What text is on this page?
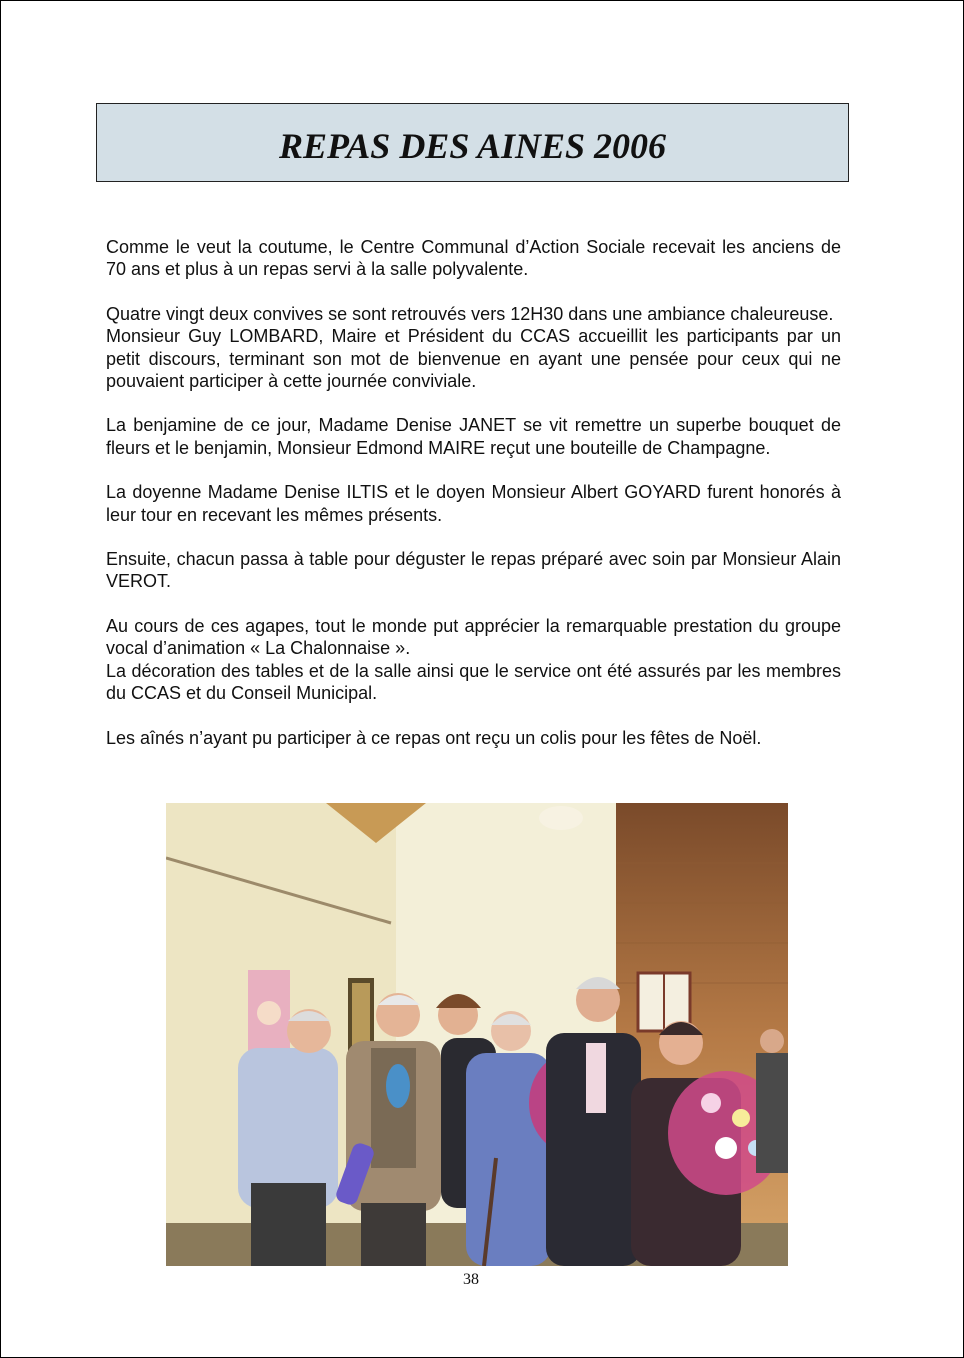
REPAS DES AINES 2006

Comme le veut la coutume, le Centre Communal d’Action Sociale recevait les anciens de 70 ans et plus à un repas servi à la salle polyvalente.

Quatre vingt deux convives se sont retrouvés vers 12H30 dans une ambiance chaleureuse.

Monsieur Guy LOMBARD, Maire et Président du CCAS accueillit les participants par un petit discours, terminant son mot de bienvenue en ayant une pensée pour ceux qui ne pouvaient participer à cette journée conviviale.

La benjamine de ce jour, Madame Denise JANET se vit remettre un superbe bouquet de fleurs et le benjamin, Monsieur Edmond MAIRE reçut une bouteille de Champagne.

La doyenne Madame Denise ILTIS et le doyen Monsieur Albert GOYARD furent honorés à leur tour en recevant les mêmes présents.

Ensuite, chacun passa à table pour déguster le repas préparé avec soin par Monsieur Alain VEROT.

Au cours de ces agapes, tout le monde put apprécier la remarquable prestation du groupe vocal d’animation « La Chalonnaise ».

La décoration des tables et de la salle ainsi que le service ont été assurés par les membres du CCAS et du Conseil Municipal.

Les aînés n’ayant pu participer à ce repas ont reçu un colis pour les fêtes de Noël.

38
